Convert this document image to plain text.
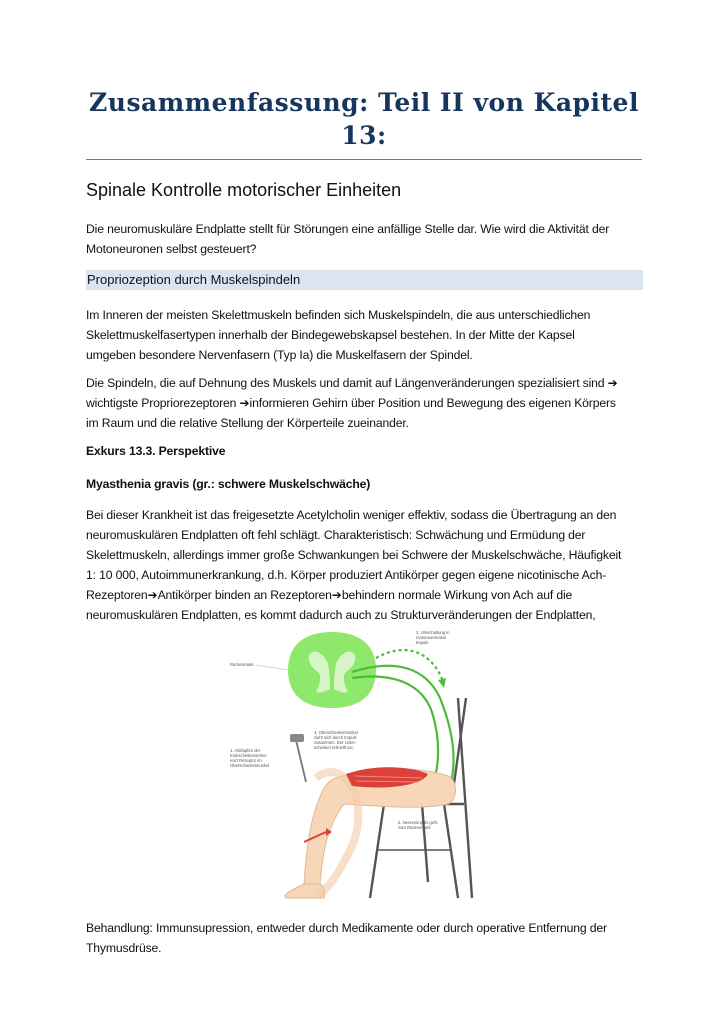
Zusammenfassung: Teil II von Kapitel
13:
Spinale Kontrolle motorischer Einheiten
Die neuromuskuläre Endplatte stellt für Störungen eine anfällige Stelle dar. Wie wird die Aktivität der
Motoneuronen selbst gesteuert?
Propriozeption durch Muskelspindeln
Im Inneren der meisten Skelettmuskeln befinden sich Muskelspindeln, die aus unterschiedlichen
Skelettmuskelfasertypen innerhalb der Bindegewebskapsel bestehen. In der Mitte der Kapsel
umgeben besondere Nervenfasern (Typ Ia) die Muskelfasern der Spindel.
Die Spindeln, die auf Dehnung des Muskels und damit auf Längenveränderungen spezialisiert sind ➔
wichtigste Propriorezeptoren ➔informieren Gehirn über Position und Bewegung des eigenen Körpers
im Raum und die relative Stellung der Körperteile zueinander.
Exkurs 13.3. Perspektive
Myasthenia gravis (gr.: schwere Muskelschwäche)
Bei dieser Krankheit ist das freigesetzte Acetylcholin weniger effektiv, sodass die Übertragung an den
neuromuskulären Endplatten oft fehl schlägt. Charakteristisch: Schwächung und Ermüdung der
Skelettmuskeln, allerdings immer große Schwankungen bei Schwere der Muskelschwäche, Häufigkeit
1: 10 000, Autoimmunerkrankung, d.h. Körper produziert Antikörper gegen eigene nicotinische Ach-
Rezeptoren➔Antikörper binden an Rezeptoren➔behindern normale Wirkung von Ach auf die
neuromuskulären Endplatten, es kommt dadurch auch zu Strukturveränderungen der Endplatten,
Rückenmark
3. Umschaltung in
motoneuronalen
Impuls
4. Oberschenkelmuskel
zieht sich durch Impuls
zusammen. Der Unter-
schenkel schnellt vor.
1. Abklopfen der
Kniescheibensehne
reizt Rezeptor im
Oberschenkelmuskel
2. Nervenimpuls geht
zum Rückenmark
Behandlung: Immunsupression, entweder durch Medikamente oder durch operative Entfernung der
Thymusdrüse.
